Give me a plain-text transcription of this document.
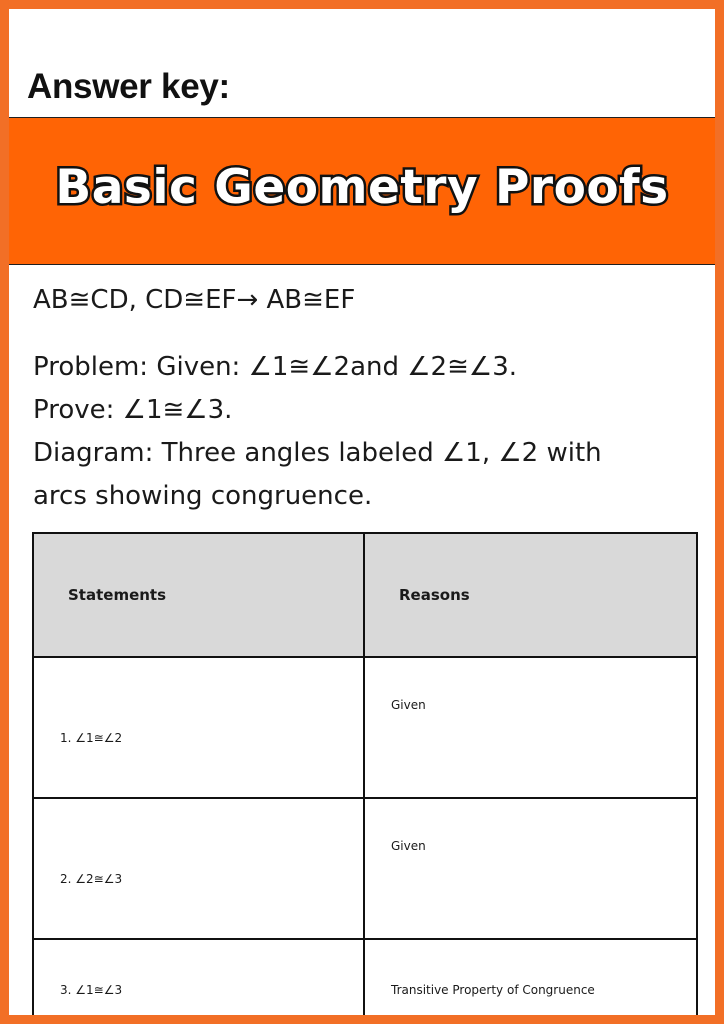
Answer key:
Basic Geometry Proofs
AB≅CD, CD≅EF→ AB≅EF
Problem: Given: ∠1≅∠2and ∠2≅∠3.
Prove: ∠1≅∠3.
Diagram: Three angles labeled ∠1, ∠2 with
arcs showing congruence.
Statements	Reasons
1. ∠1≅∠2	Given
2. ∠2≅∠3	Given
3. ∠1≅∠3	Transitive Property of Congruence
